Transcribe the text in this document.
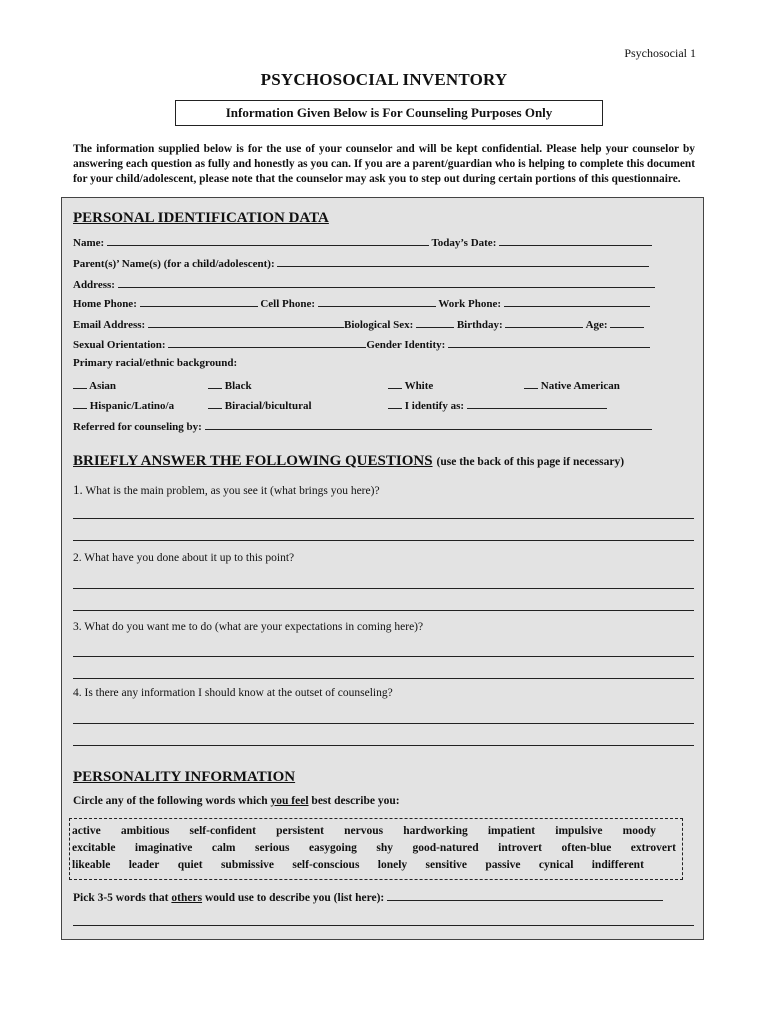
Psychosocial 1
PSYCHOSOCIAL INVENTORY
Information Given Below is For Counseling Purposes Only
The information supplied below is for the use of your counselor and will be kept confidential. Please help your counselor by answering each question as fully and honestly as you can. If you are a parent/guardian who is helping to complete this document for your child/adolescent, please note that the counselor may ask you to step out during certain portions of this questionnaire.
PERSONAL IDENTIFICATION DATA
Name:	Today’s Date:
Parent(s)’ Name(s) (for a child/adolescent):
Address:
Home Phone:	Cell Phone:	Work Phone:
Email Address:	Biological Sex:	Birthday:	Age:
Sexual Orientation:	Gender Identity:
Primary racial/ethnic background:
Asian	Black	White	Native American
Hispanic/Latino/a	Biracial/bicultural	I identify as:
Referred for counseling by:
BRIEFLY ANSWER THE FOLLOWING QUESTIONS (use the back of this page if necessary)
1. What is the main problem, as you see it (what brings you here)?
2. What have you done about it up to this point?
3. What do you want me to do (what are your expectations in coming here)?
4. Is there any information I should know at the outset of counseling?
PERSONALITY INFORMATION
Circle any of the following words which you feel best describe you:
active ambitious self-confident persistent nervous hardworking impatient impulsive moody
excitable imaginative calm serious easygoing shy good-natured introvert often-blue extrovert
likeable leader quiet submissive self-conscious lonely sensitive passive cynical indifferent
Pick 3-5 words that others would use to describe you (list here):
